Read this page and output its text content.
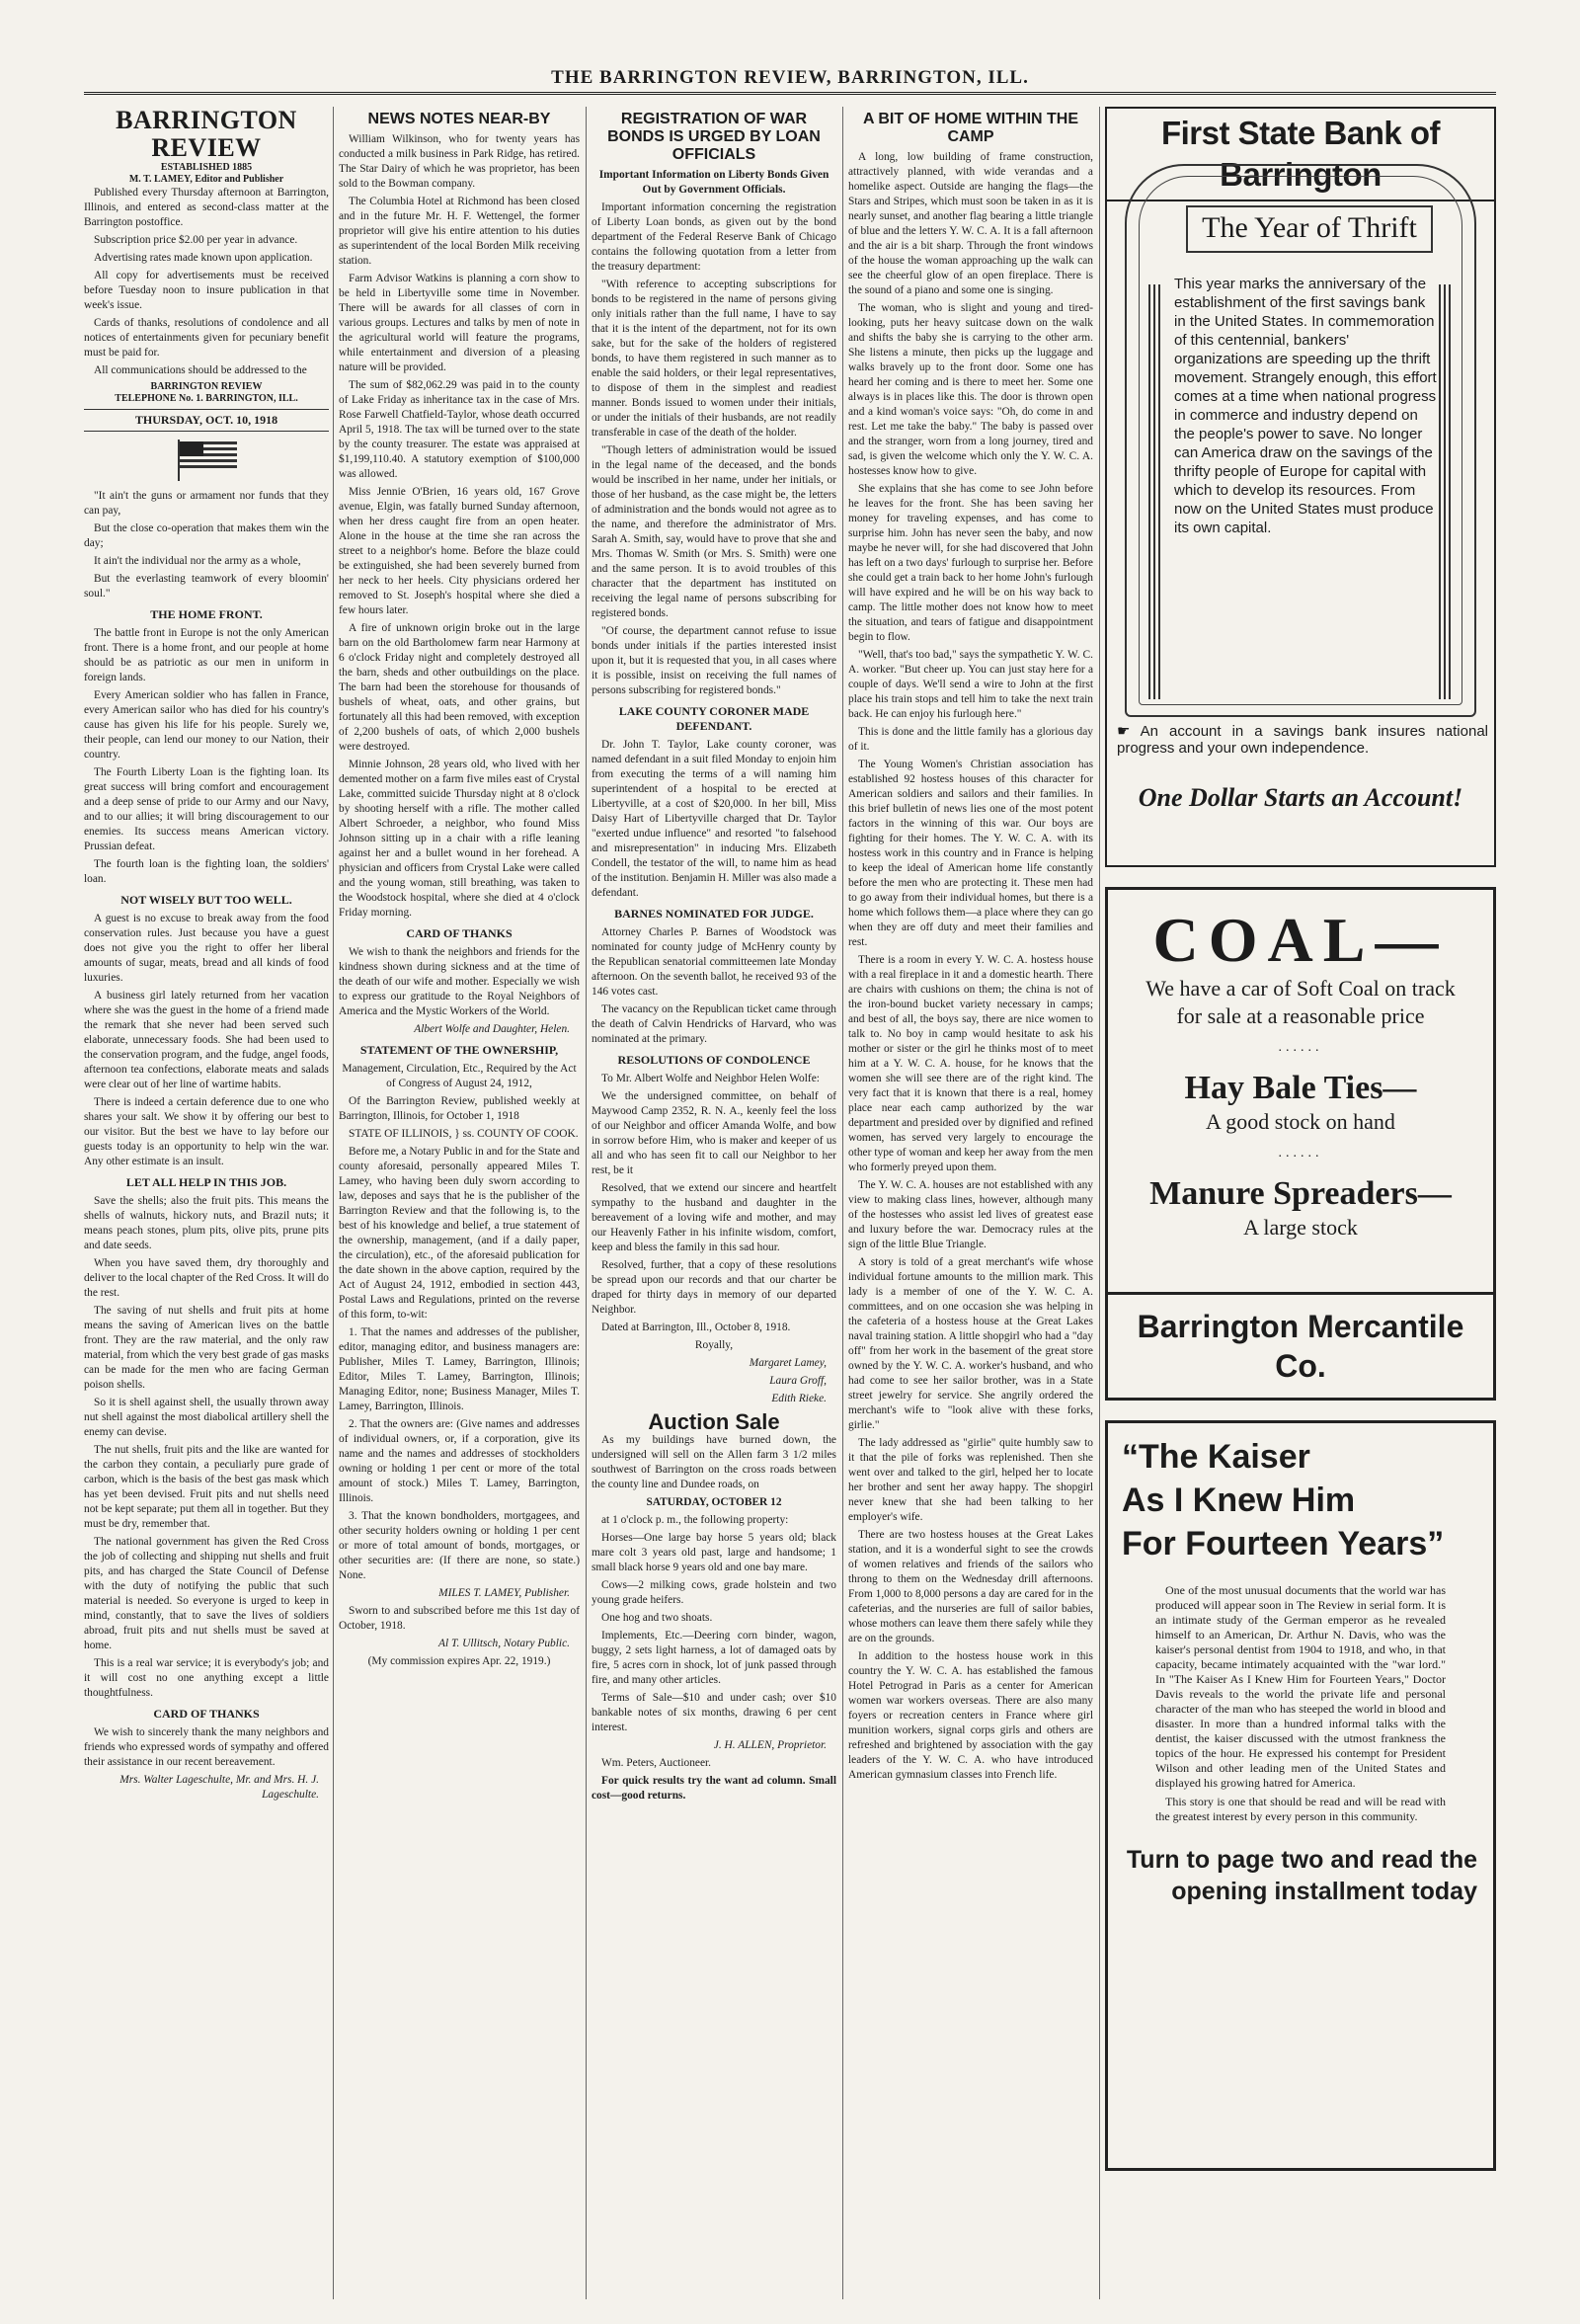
THE BARRINGTON REVIEW, BARRINGTON, ILL.
BARRINGTON REVIEW
ESTABLISHED 1885
M. T. LAMEY, Editor and Publisher

Published every Thursday afternoon at Barrington, Illinois, and entered as second-class matter at the Barrington postoffice.

Subscription price $2.00 per year in advance.

Advertising rates made known upon application.

All copy for advertisements must be received before Tuesday noon to insure publication in that week's issue.

Cards of thanks, resolutions of condolence and all notices of entertainments given for pecuniary benefit must be paid for.

All communications should be addressed to the

BARRINGTON REVIEW
TELEPHONE No. 1. BARRINGTON, ILL.
THURSDAY, OCT. 10, 1918

"It ain't the guns or armament nor funds that they can pay,

But the close co-operation that makes them win the day;

It ain't the individual nor the army as a whole,

But the everlasting teamwork of every bloomin' soul."

THE HOME FRONT.

The battle front in Europe is not the only American front. There is a home front, and our people at home should be as patriotic as our men in uniform in foreign lands.

Every American soldier who has fallen in France, every American sailor who has died for his country's cause has given his life for his people. Surely we, their people, can lend our money to our Nation, their country.

The Fourth Liberty Loan is the fighting loan. Its great success will bring comfort and encouragement and a deep sense of pride to our Army and our Navy, and to our allies; it will bring discouragement to our enemies. Its success means American victory. Prussian defeat.

The fourth loan is the fighting loan, the soldiers' loan.

NOT WISELY BUT TOO WELL.

A guest is no excuse to break away from the food conservation rules. Just because you have a guest does not give you the right to offer her liberal amounts of sugar, meats, bread and all kinds of food luxuries.

A business girl lately returned from her vacation where she was the guest in the home of a friend made the remark that she never had been served such elaborate, unnecessary foods. She had been used to the conservation program, and the fudge, angel foods, afternoon tea confections, elaborate meats and salads were clear out of her line of wartime habits.

There is indeed a certain deference due to one who shares your salt. We show it by offering our best to our visitor. But the best we have to lay before our guests today is an opportunity to help win the war. Any other estimate is an insult.

LET ALL HELP IN THIS JOB.

Save the shells; also the fruit pits. This means the shells of walnuts, hickory nuts, and Brazil nuts; it means peach stones, plum pits, olive pits, prune pits and date seeds.

When you have saved them, dry thoroughly and deliver to the local chapter of the Red Cross. It will do the rest.

The saving of nut shells and fruit pits at home means the saving of American lives on the battle front. They are the raw material, and the only raw material, from which the very best grade of gas masks can be made for the men who are facing German poison shells.

So it is shell against shell, the usually thrown away nut shell against the most diabolical artillery shell the enemy can devise.

The nut shells, fruit pits and the like are wanted for the carbon they contain, a peculiarly pure grade of carbon, which is the basis of the best gas mask which has yet been devised. Fruit pits and nut shells need not be kept separate; put them all in together. But they must be dry, remember that.

The national government has given the Red Cross the job of collecting and shipping nut shells and fruit pits, and has charged the State Council of Defense with the duty of notifying the public that such material is needed. So everyone is urged to keep in mind, constantly, that to save the lives of soldiers abroad, fruit pits and nut shells must be saved at home.

This is a real war service; it is everybody's job; and it will cost no one anything except a little thoughtfulness.

CARD OF THANKS

We wish to sincerely thank the many neighbors and friends who expressed words of sympathy and offered their assistance in our recent bereavement.

Mrs. Walter Lageschulte, Mr. and Mrs. H. J. Lageschulte.

NEWS NOTES NEAR-BY

William Wilkinson, who for twenty years has conducted a milk business in Park Ridge, has retired. The Star Dairy of which he was proprietor, has been sold to the Bowman company.

The Columbia Hotel at Richmond has been closed and in the future Mr. H. F. Wettengel, the former proprietor will give his entire attention to his duties as superintendent of the local Borden Milk receiving station.

Farm Advisor Watkins is planning a corn show to be held in Libertyville some time in November. There will be awards for all classes of corn in various groups. Lectures and talks by men of note in the agricultural world will feature the programs, while entertainment and diversion of a pleasing nature will be provided.

The sum of $82,062.29 was paid in to the county of Lake Friday as inheritance tax in the case of Mrs. Rose Farwell Chatfield-Taylor, whose death occurred April 5, 1918. The tax will be turned over to the state by the county treasurer. The estate was appraised at $1,199,110.40. A statutory exemption of $100,000 was allowed.

Miss Jennie O'Brien, 16 years old, 167 Grove avenue, Elgin, was fatally burned Sunday afternoon, when her dress caught fire from an open heater. Alone in the house at the time she ran across the street to a neighbor's home. Before the blaze could be extinguished, she had been severely burned from her neck to her heels. City physicians ordered her removed to St. Joseph's hospital where she died a few hours later.

A fire of unknown origin broke out in the large barn on the old Bartholomew farm near Harmony at 6 o'clock Friday night and completely destroyed all the barn, sheds and other outbuildings on the place. The barn had been the storehouse for thousands of bushels of wheat, oats, and other grains, but fortunately all this had been removed, with exception of 2,200 bushels of oats, of which 2,000 bushels were destroyed.

Minnie Johnson, 28 years old, who lived with her demented mother on a farm five miles east of Crystal Lake, committed suicide Thursday night at 8 o'clock by shooting herself with a rifle. The mother called Albert Schroeder, a neighbor, who found Miss Johnson sitting up in a chair with a rifle leaning against her and a bullet wound in her forehead. A physician and officers from Crystal Lake were called and the young woman, still breathing, was taken to the Woodstock hospital, where she died at 4 o'clock Friday morning.

CARD OF THANKS

We wish to thank the neighbors and friends for the kindness shown during sickness and at the time of the death of our wife and mother. Especially we wish to express our gratitude to the Royal Neighbors of America and the Mystic Workers of the World.

Albert Wolfe and Daughter, Helen.

STATEMENT OF THE OWNERSHIP,

Management, Circulation, Etc., Required by the Act of Congress of August 24, 1912,

Of the Barrington Review, published weekly at Barrington, Illinois, for October 1, 1918

STATE OF ILLINOIS, } ss. COUNTY OF COOK.

Before me, a Notary Public in and for the State and county aforesaid, personally appeared Miles T. Lamey, who having been duly sworn according to law, deposes and says that he is the publisher of the Barrington Review and that the following is, to the best of his knowledge and belief, a true statement of the ownership, management, (and if a daily paper, the circulation), etc., of the aforesaid publication for the date shown in the above caption, required by the Act of August 24, 1912, embodied in section 443, Postal Laws and Regulations, printed on the reverse of this form, to-wit:

1. That the names and addresses of the publisher, editor, managing editor, and business managers are: Publisher, Miles T. Lamey, Barrington, Illinois; Editor, Miles T. Lamey, Barrington, Illinois; Managing Editor, none; Business Manager, Miles T. Lamey, Barrington, Illinois.

2. That the owners are: (Give names and addresses of individual owners, or, if a corporation, give its name and the names and addresses of stockholders owning or holding 1 per cent or more of the total amount of stock.) Miles T. Lamey, Barrington, Illinois.

3. That the known bondholders, mortgagees, and other security holders owning or holding 1 per cent or more of total amount of bonds, mortgages, or other securities are: (If there are none, so state.) None.

MILES T. LAMEY, Publisher.

Sworn to and subscribed before me this 1st day of October, 1918.

Al T. Ullitsch, Notary Public.

(My commission expires Apr. 22, 1919.)

REGISTRATION OF WAR BONDS IS URGED BY LOAN OFFICIALS

Important Information on Liberty Bonds Given Out by Government Officials.

Important information concerning the registration of Liberty Loan bonds, as given out by the bond department of the Federal Reserve Bank of Chicago contains the following quotation from a letter from the treasury department:

"With reference to accepting subscriptions for bonds to be registered in the name of persons giving only initials rather than the full name, I have to say that it is the intent of the department, not for its own sake, but for the sake of the holders of registered bonds, to have them registered in such manner as to enable the said holders, or their legal representatives, to dispose of them in the simplest and readiest manner. Bonds issued to women under their initials, or under the initials of their husbands, are not readily transferable in case of the death of the holder.

"Though letters of administration would be issued in the legal name of the deceased, and the bonds would be inscribed in her name, under her initials, or those of her husband, as the case might be, the letters of administration and the bonds would not agree as to the name, and therefore the administrator of Mrs. Sarah A. Smith, say, would have to prove that she and Mrs. Thomas W. Smith (or Mrs. S. Smith) were one and the same person. It is to avoid troubles of this character that the department has instituted on receiving the legal name of persons subscribing for registered bonds.

"Of course, the department cannot refuse to issue bonds under initials if the parties interested insist upon it, but it is requested that you, in all cases where it is possible, insist on receiving the full names of persons subscribing for registered bonds."

LAKE COUNTY CORONER MADE DEFENDANT.

Dr. John T. Taylor, Lake county coroner, was named defendant in a suit filed Monday to enjoin him from executing the terms of a will naming him superintendent of a hospital to be erected at Libertyville, at a cost of $20,000. In her bill, Miss Daisy Hart of Libertyville charged that Dr. Taylor "exerted undue influence" and resorted "to falsehood and misrepresentation" in inducing Mrs. Elizabeth Condell, the testator of the will, to name him as head of the institution. Benjamin H. Miller was also made a defendant.

BARNES NOMINATED FOR JUDGE.

Attorney Charles P. Barnes of Woodstock was nominated for county judge of McHenry county by the Republican senatorial committeemen late Monday afternoon. On the seventh ballot, he received 93 of the 146 votes cast.

The vacancy on the Republican ticket came through the death of Calvin Hendricks of Harvard, who was nominated at the primary.

RESOLUTIONS OF CONDOLENCE

To Mr. Albert Wolfe and Neighbor Helen Wolfe:

We the undersigned committee, on behalf of Maywood Camp 2352, R. N. A., keenly feel the loss of our Neighbor and officer Amanda Wolfe, and bow in sorrow before Him, who is maker and keeper of us all and who has seen fit to call our Neighbor to her rest, be it

Resolved, that we extend our sincere and heartfelt sympathy to the husband and daughter in the bereavement of a loving wife and mother, and may our Heavenly Father in his infinite wisdom, comfort, keep and bless the family in this sad hour.

Resolved, further, that a copy of these resolutions be spread upon our records and that our charter be draped for thirty days in memory of our departed Neighbor.

Dated at Barrington, Ill., October 8, 1918.

Royally,

Margaret Lamey,

Laura Groff,

Edith Rieke.

Auction Sale

As my buildings have burned down, the undersigned will sell on the Allen farm 3 1/2 miles southwest of Barrington on the cross roads between the county line and Dundee roads, on

SATURDAY, OCTOBER 12

at 1 o'clock p. m., the following property:

Horses—One large bay horse 5 years old; black mare colt 3 years old past, large and handsome; 1 small black horse 9 years old and one bay mare.

Cows—2 milking cows, grade holstein and two young grade heifers.

One hog and two shoats.

Implements, Etc.—Deering corn binder, wagon, buggy, 2 sets light harness, a lot of damaged oats by fire, 5 acres corn in shock, lot of junk passed through fire, and many other articles.

Terms of Sale—$10 and under cash; over $10 bankable notes of six months, drawing 6 per cent interest.

J. H. ALLEN, Proprietor.

Wm. Peters, Auctioneer.

For quick results try the want ad column. Small cost—good returns.

A BIT OF HOME WITHIN THE CAMP

A long, low building of frame construction, attractively planned, with wide verandas and a homelike aspect. Outside are hanging the flags—the Stars and Stripes, which must soon be taken in as it is nearly sunset, and another flag bearing a little triangle of blue and the letters Y. W. C. A. It is a fall afternoon and the air is a bit sharp. Through the front windows of the house the woman approaching up the walk can see the cheerful glow of an open fireplace. There is the sound of a piano and some one is singing.

The woman, who is slight and young and tired-looking, puts her heavy suitcase down on the walk and shifts the baby she is carrying to the other arm. She listens a minute, then picks up the luggage and walks bravely up to the front door. Some one has heard her coming and is there to meet her. Some one always is in places like this. The door is thrown open and a kind woman's voice says: "Oh, do come in and rest. Let me take the baby." The baby is passed over and the stranger, worn from a long journey, tired and sad, is given the welcome which only the Y. W. C. A. hostesses know how to give.

She explains that she has come to see John before he leaves for the front. She has been saving her money for traveling expenses, and has come to surprise him. John has never seen the baby, and now maybe he never will, for she had discovered that John has left on a two days' furlough to surprise her. Before she could get a train back to her home John's furlough will have expired and he will be on his way back to camp. The little mother does not know how to meet the situation, and tears of fatigue and disappointment begin to flow.

"Well, that's too bad," says the sympathetic Y. W. C. A. worker. "But cheer up. You can just stay here for a couple of days. We'll send a wire to John at the first place his train stops and tell him to take the next train back. He can enjoy his furlough here."

This is done and the little family has a glorious day of it.

The Young Women's Christian association has established 92 hostess houses of this character for American soldiers and sailors and their families. In this brief bulletin of news lies one of the most potent factors in the winning of this war. Our boys are fighting for their homes. The Y. W. C. A. with its hostess work in this country and in France is helping to keep the ideal of American home life constantly before the men who are protecting it. These men had to go away from their individual homes, but there is a home which follows them—a place where they can go when they are off duty and meet their families and rest.

There is a room in every Y. W. C. A. hostess house with a real fireplace in it and a domestic hearth. There are chairs with cushions on them; the china is not of the iron-bound bucket variety necessary in camps; and best of all, the boys say, there are nice women to talk to. No boy in camp would hesitate to ask his mother or sister or the girl he thinks most of to meet him at a Y. W. C. A. house, for he knows that the women she will see there are of the right kind. The very fact that it is known that there is a real, homey place near each camp authorized by the war department and presided over by dignified and refined women, has served very largely to encourage the other type of woman and keep her away from the men who formerly preyed upon them.

The Y. W. C. A. houses are not established with any view to making class lines, however, although many of the hostesses who assist led lives of greatest ease and luxury before the war. Democracy rules at the sign of the little Blue Triangle.

A story is told of a great merchant's wife whose individual fortune amounts to the million mark. This lady is a member of one of the Y. W. C. A. committees, and on one occasion she was helping in the cafeteria of a hostess house at the Great Lakes naval training station. A little shopgirl who had a "day off" from her work in the basement of the great store owned by the Y. W. C. A. worker's husband, and who had come to see her sailor brother, was in a State street jewelry for service. She angrily ordered the merchant's wife to "look alive with these forks, girlie."

The lady addressed as "girlie" quite humbly saw to it that the pile of forks was replenished. Then she went over and talked to the girl, helped her to locate her brother and sent her away happy. The shopgirl never knew that she had been talking to her employer's wife.

There are two hostess houses at the Great Lakes station, and it is a wonderful sight to see the crowds of women relatives and friends of the sailors who throng to them on the Wednesday drill afternoons. From 1,000 to 8,000 persons a day are cared for in the cafeterias, and the nurseries are full of sailor babies, whose mothers can leave them there safely while they are on the grounds.

In addition to the hostess house work in this country the Y. W. C. A. has established the famous Hotel Petrograd in Paris as a center for American women war workers overseas. There are also many foyers or recreation centers in France where girl munition workers, signal corps girls and others are refreshed and brightened by association with the gay leaders of the Y. W. C. A. who have introduced American gymnasium classes into French life.

First State Bank of Barrington
The Year of Thrift
This year marks the anniversary of the establishment of the first savings bank in the United States. In commemoration of this centennial, bankers' organizations are speeding up the thrift movement. Strangely enough, this effort comes at a time when national progress in commerce and industry depend on the people's power to save. No longer can America draw on the savings of the thrifty people of Europe for capital with which to develop its resources. From now on the United States must produce its own capital.
☛ An account in a savings bank insures national progress and your own independence.
One Dollar Starts an Account!
COAL—
We have a car of Soft Coal on track
for sale at a reasonable price
......
Hay Bale Ties—
A good stock on hand
......
Manure Spreaders—
A large stock
Barrington Mercantile Co.
“The Kaiser
As I Knew Him
For Fourteen Years”

One of the most unusual documents that the world war has produced will appear soon in The Review in serial form. It is an intimate study of the German emperor as he revealed himself to an American, Dr. Arthur N. Davis, who was the kaiser's personal dentist from 1904 to 1918, and who, in that capacity, became intimately acquainted with the "war lord." In "The Kaiser As I Knew Him for Fourteen Years," Doctor Davis reveals to the world the private life and personal character of the man who has steeped the world in blood and disaster. In more than a hundred informal talks with the dentist, the kaiser discussed with the utmost frankness the topics of the hour. He expressed his contempt for President Wilson and other leading men of the United States and displayed his growing hatred for America.

This story is one that should be read and will be read with the greatest interest by every person in this community.

Turn to page two and read the opening installment today
